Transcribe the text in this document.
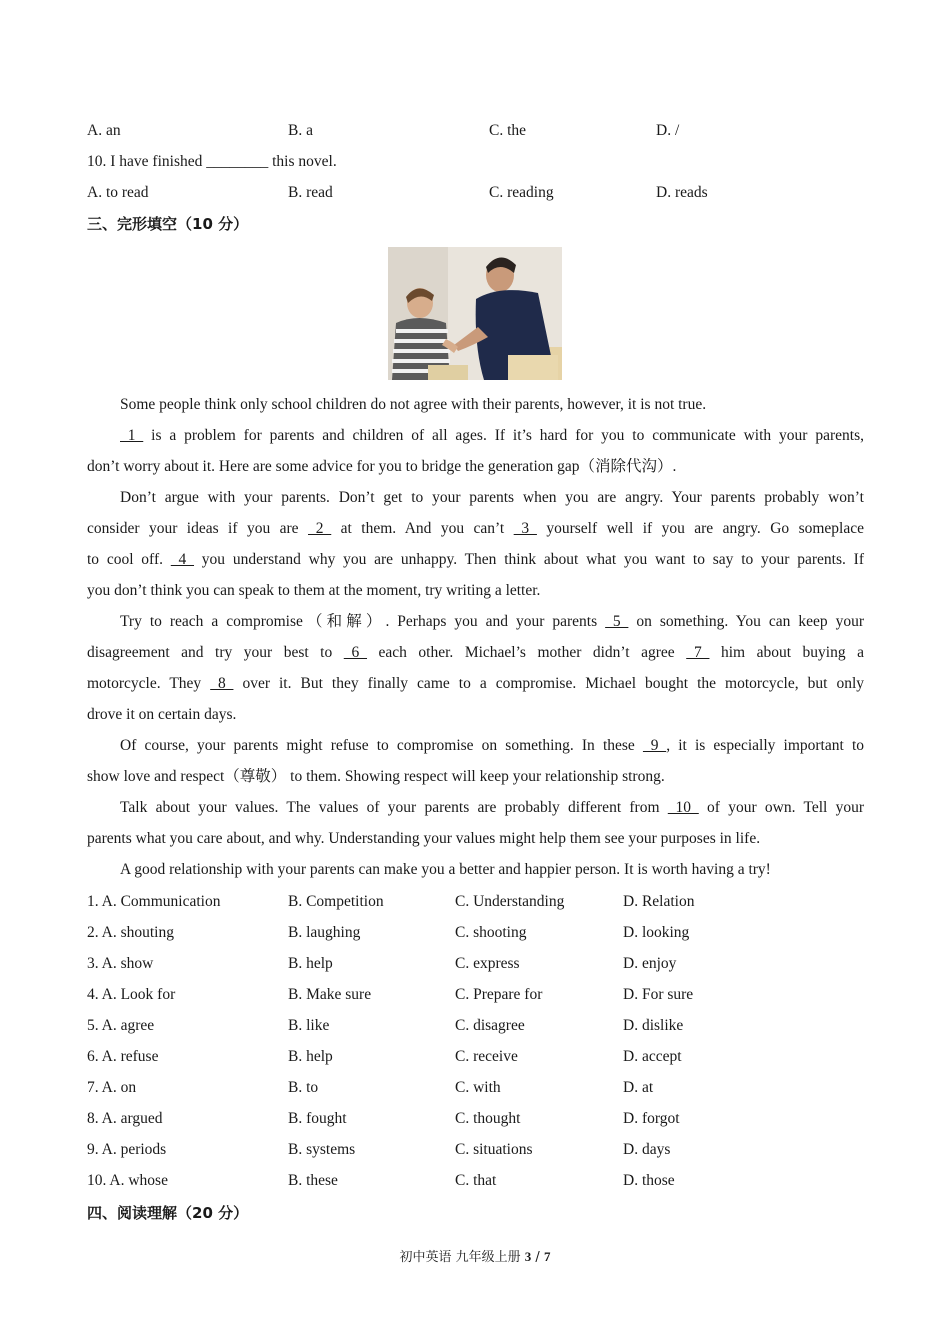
A. an	B. a	C. the	D. /
10. I have finished ________ this novel.
A. to read	B. read	C. reading	D. reads
三、完形填空（10 分）
Some people think only school children do not agree with their parents, however, it is not true.
1   is a problem for parents and children of all ages. If it’s hard for you to communicate with your parents,
don’t worry about it. Here are some advice for you to bridge the generation gap（消除代沟）.
Don’t argue with your parents. Don’t get to your parents when you are angry. Your parents probably won’t
consider your ideas if you are   2   at them. And you can’t   3   yourself well if you are angry. Go someplace
to cool off.   4   you understand why you are unhappy. Then think about what you want to say to your parents. If
you don’t think you can speak to them at the moment, try writing a letter.
Try to reach a compromise（和解）. Perhaps you and your parents   5   on something. You can keep your
disagreement and try your best to   6   each other. Michael’s mother didn’t agree   7   him about buying a
motorcycle. They   8   over it. But they finally came to a compromise. Michael bought the motorcycle, but only
drove it on certain days.
Of course, your parents might refuse to compromise on something. In these   9  , it is especially important to
show love and respect（尊敬） to them. Showing respect will keep your relationship strong.
Talk about your values. The values of your parents are probably different from   10   of your own. Tell your
parents what you care about, and why. Understanding your values might help them see your purposes in life.
A good relationship with your parents can make you a better and happier person. It is worth having a try!
1. A. Communication	B. Competition	C. Understanding	D. Relation
2. A. shouting	B. laughing	C. shooting	D. looking
3. A. show	B. help	C. express	D. enjoy
4. A. Look for	B. Make sure	C. Prepare for	D. For sure
5. A. agree	B. like	C. disagree	D. dislike
6. A. refuse	B. help	C. receive	D. accept
7. A. on	B. to	C. with	D. at
8. A. argued	B. fought	C. thought	D. forgot
9. A. periods	B. systems	C. situations	D. days
10. A. whose	B. these	C. that	D. those
四、阅读理解（20 分）
初中英语 九年级上册 3 / 7
